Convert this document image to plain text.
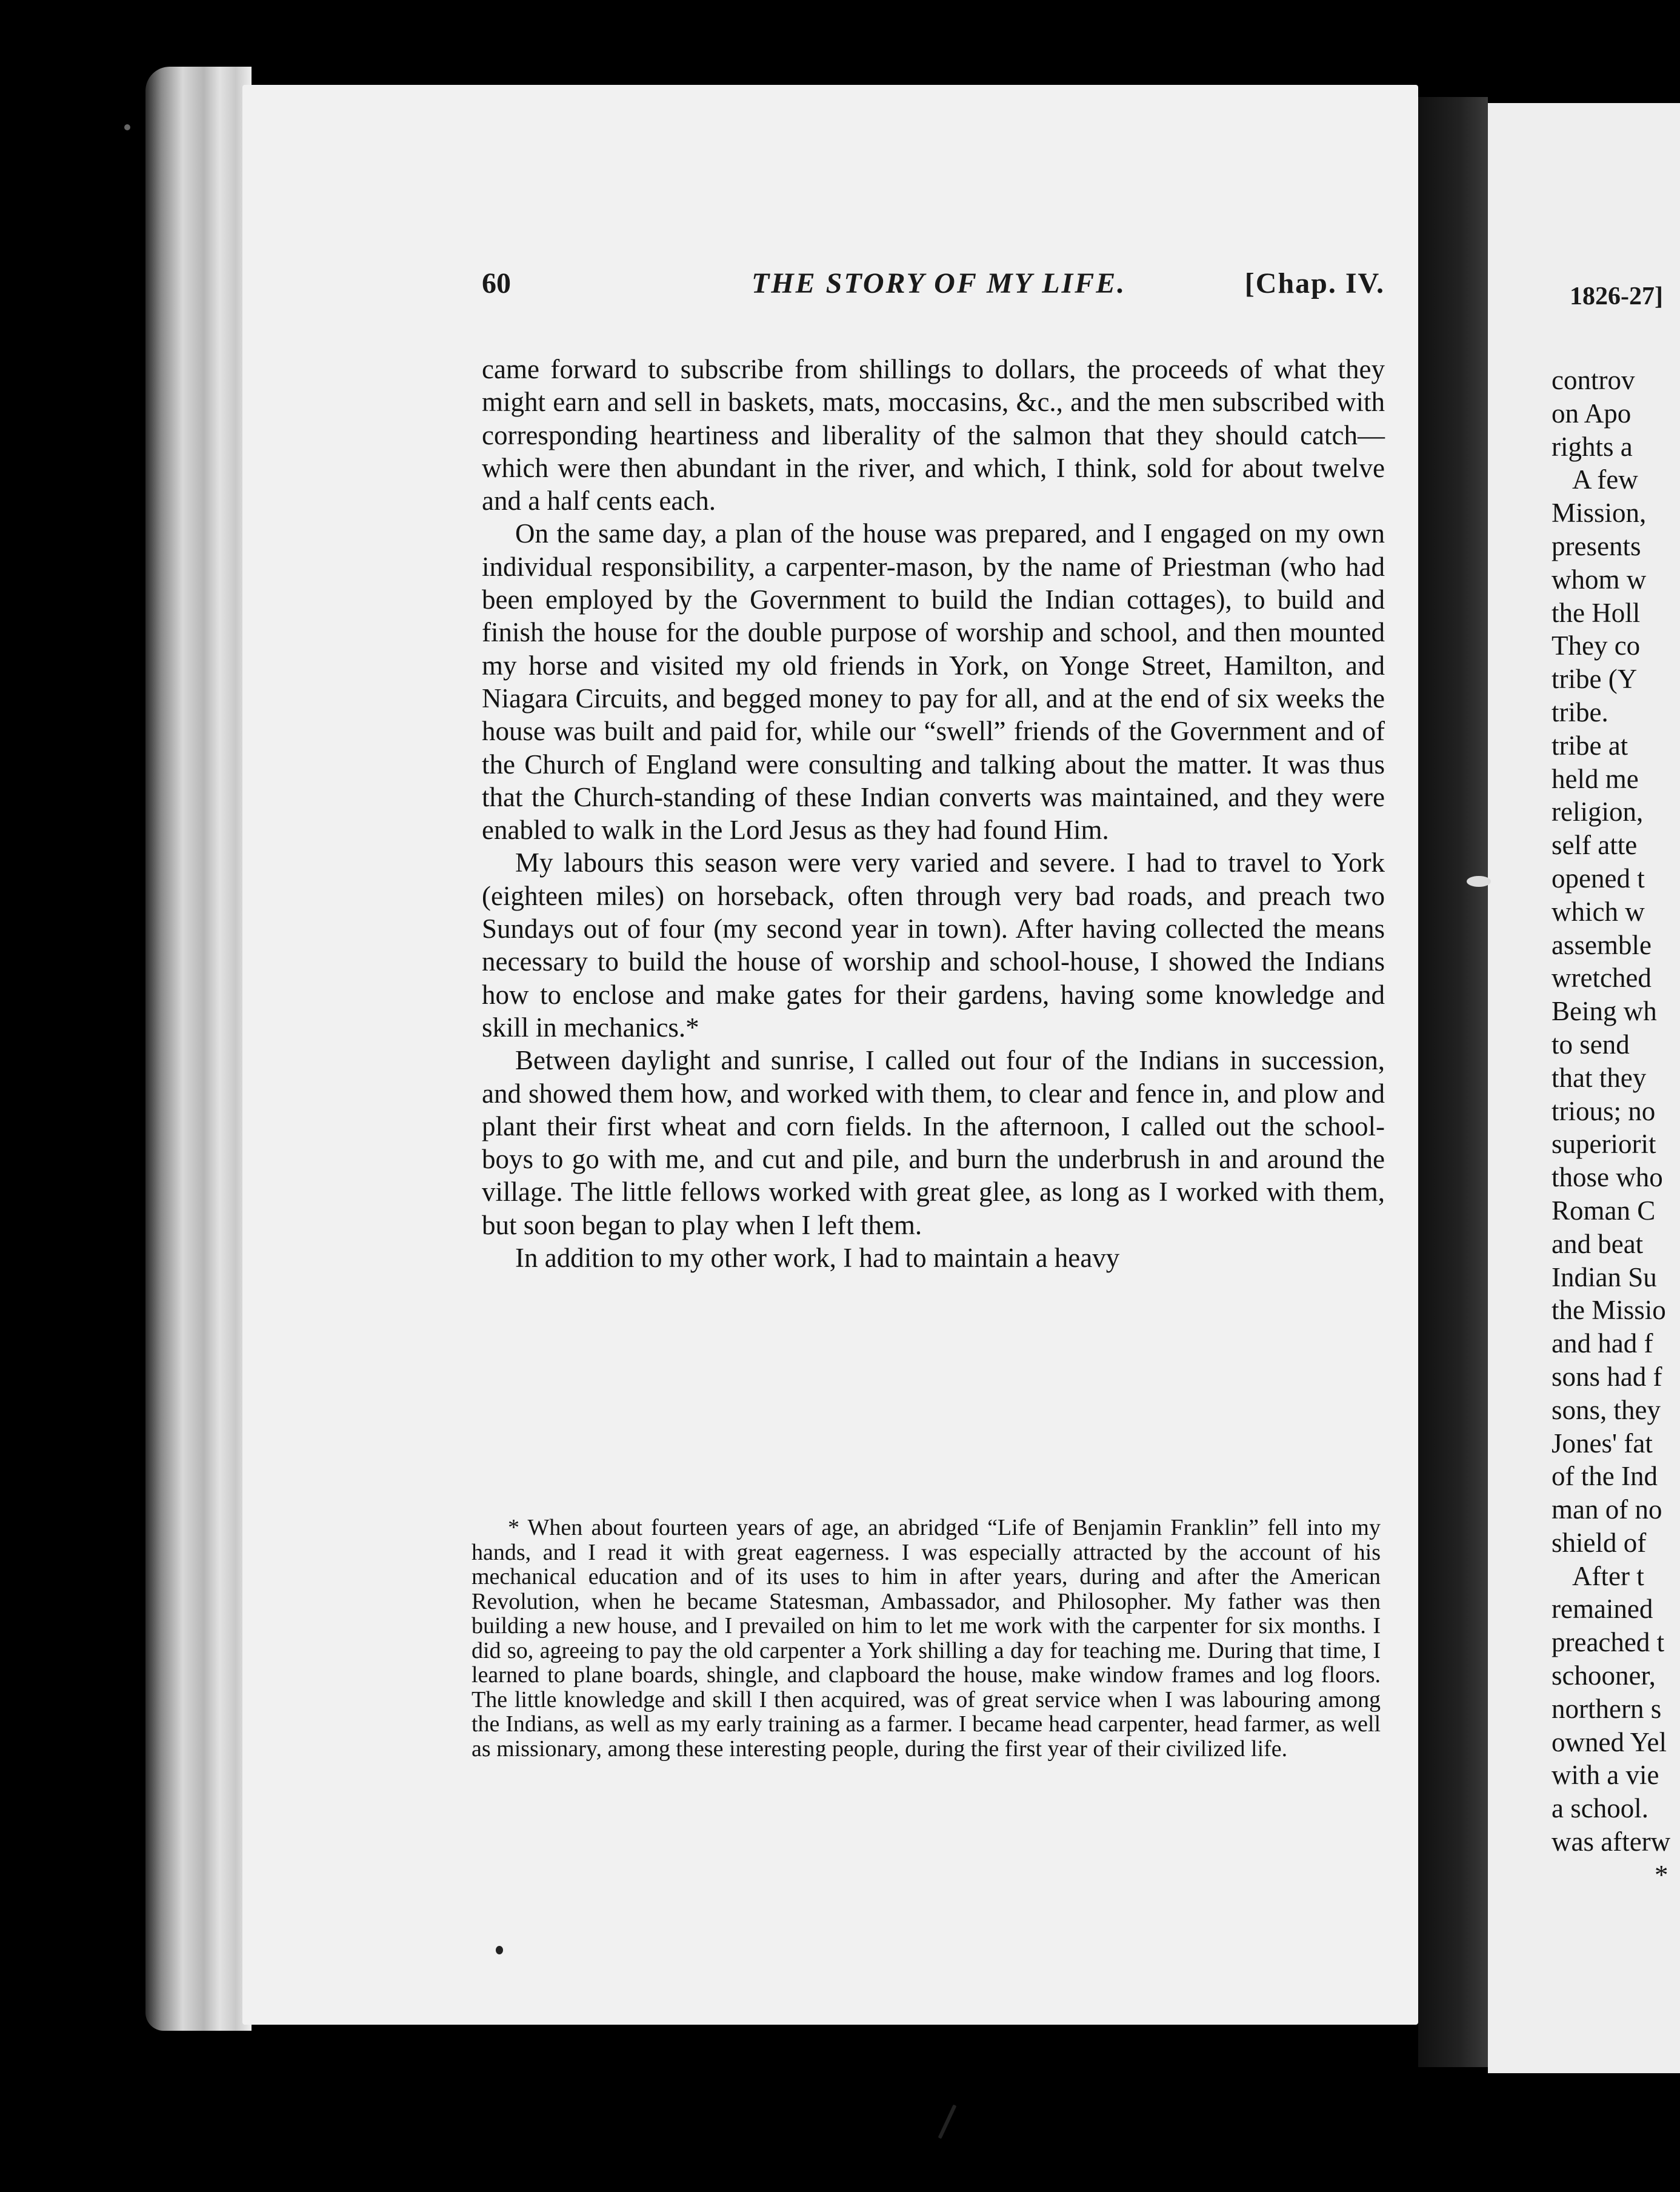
60	THE STORY OF MY LIFE.	[Chap. IV.

came forward to subscribe from shillings to dollars, the proceeds of what they might earn and sell in baskets, mats, moccasins, &c., and the men subscribed with corresponding heartiness and liberality of the salmon that they should catch—which were then abundant in the river, and which, I think, sold for about twelve and a half cents each.

On the same day, a plan of the house was prepared, and I engaged on my own individual responsibility, a carpenter-mason, by the name of Priestman (who had been employed by the Government to build the Indian cottages), to build and finish the house for the double purpose of worship and school, and then mounted my horse and visited my old friends in York, on Yonge Street, Hamilton, and Niagara Circuits, and begged money to pay for all, and at the end of six weeks the house was built and paid for, while our “swell” friends of the Government and of the Church of England were consulting and talking about the matter. It was thus that the Church-standing of these Indian converts was maintained, and they were enabled to walk in the Lord Jesus as they had found Him.

My labours this season were very varied and severe. I had to travel to York (eighteen miles) on horseback, often through very bad roads, and preach two Sundays out of four (my second year in town). After having collected the means necessary to build the house of worship and school-house, I showed the Indians how to enclose and make gates for their gardens, having some knowledge and skill in mechanics.*

Between daylight and sunrise, I called out four of the Indians in succession, and showed them how, and worked with them, to clear and fence in, and plow and plant their first wheat and corn fields. In the afternoon, I called out the school-boys to go with me, and cut and pile, and burn the underbrush in and around the village. The little fellows worked with great glee, as long as I worked with them, but soon began to play when I left them.

In addition to my other work, I had to maintain a heavy

* When about fourteen years of age, an abridged “Life of Benjamin Franklin” fell into my hands, and I read it with great eagerness. I was especially attracted by the account of his mechanical education and of its uses to him in after years, during and after the American Revolution, when he became Statesman, Ambassador, and Philosopher. My father was then building a new house, and I prevailed on him to let me work with the carpenter for six months. I did so, agreeing to pay the old carpenter a York shilling a day for teaching me. During that time, I learned to plane boards, shingle, and clapboard the house, make window frames and log floors. The little knowledge and skill I then acquired, was of great service when I was labouring among the Indians, as well as my early training as a farmer. I became head carpenter, head farmer, as well as missionary, among these interesting people, during the first year of their civilized life.
1826-27]
controv
on Apo
rights a
A few
Mission,
presents
whom w
the Holl
They co
tribe (Y
tribe.
tribe at
held me
religion,
self atte
opened t
which w
assemble
wretched
Being wh
to send
that they
trious; no
superiorit
those who
Roman C
and beat
Indian Su
the Missio
and had f
sons had f
sons, they
Jones' fat
of the Ind
man of no
shield of
After t
remained
preached t
schooner,
northern s
owned Yel
with a vie
a school.
was afterw
*
